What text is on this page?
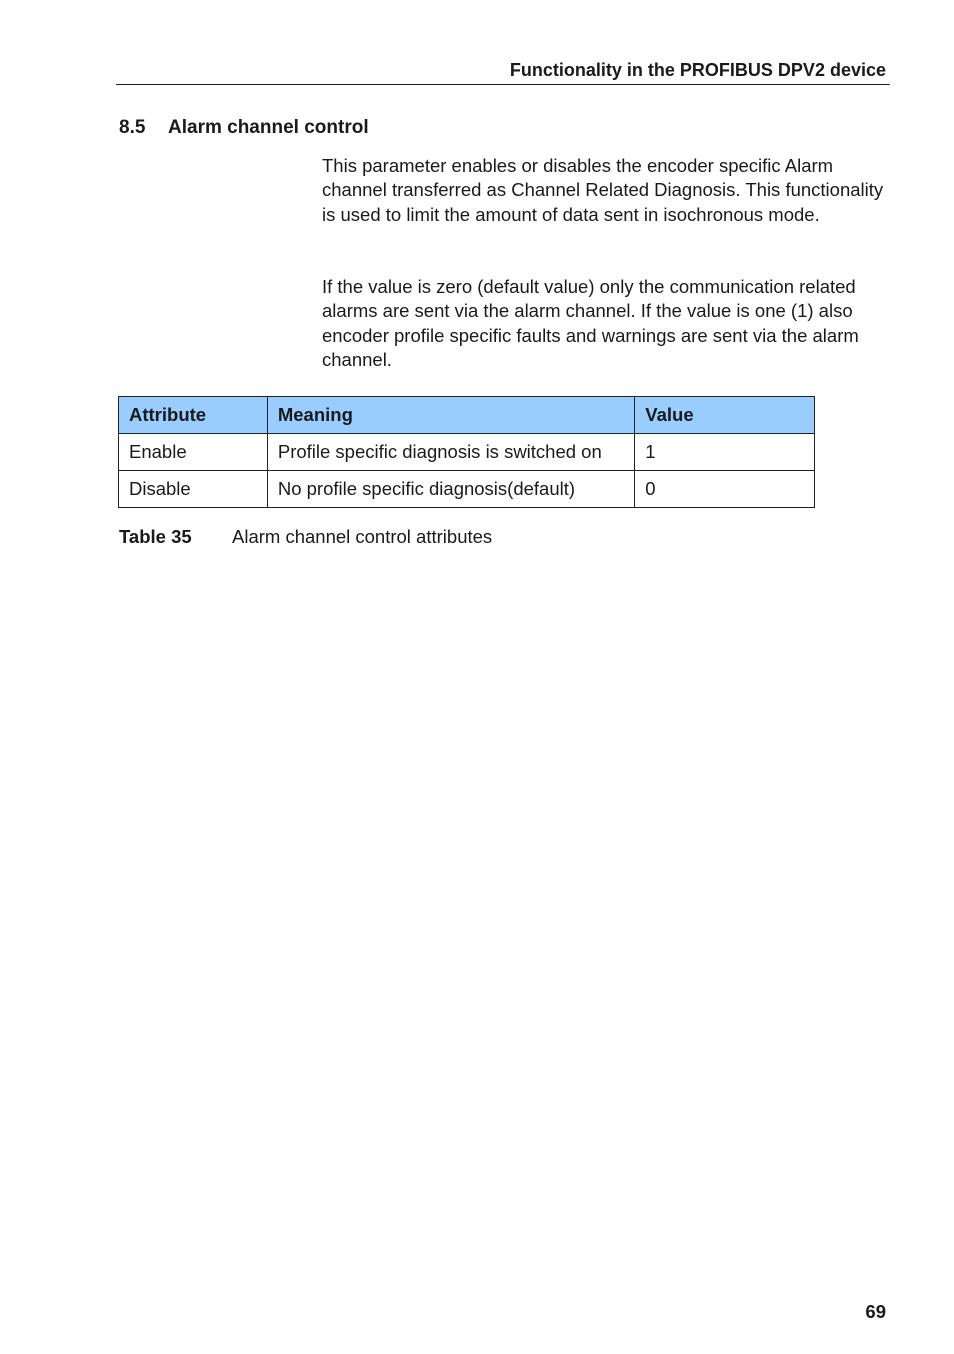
Functionality in the PROFIBUS DPV2 device
8.5 Alarm channel control

This parameter enables or disables the encoder specific Alarm channel transferred as Channel Related Diagnosis. This functionality is used to limit the amount of data sent in isochronous mode.

If the value is zero (default value) only the communication related alarms are sent via the alarm channel. If the value is one (1) also encoder profile specific faults and warnings are sent via the alarm channel.

Attribute	Meaning	Value
Enable	Profile specific diagnosis is switched on	1
Disable	No profile specific diagnosis(default)	0
Table 35 Alarm channel control attributes
69
